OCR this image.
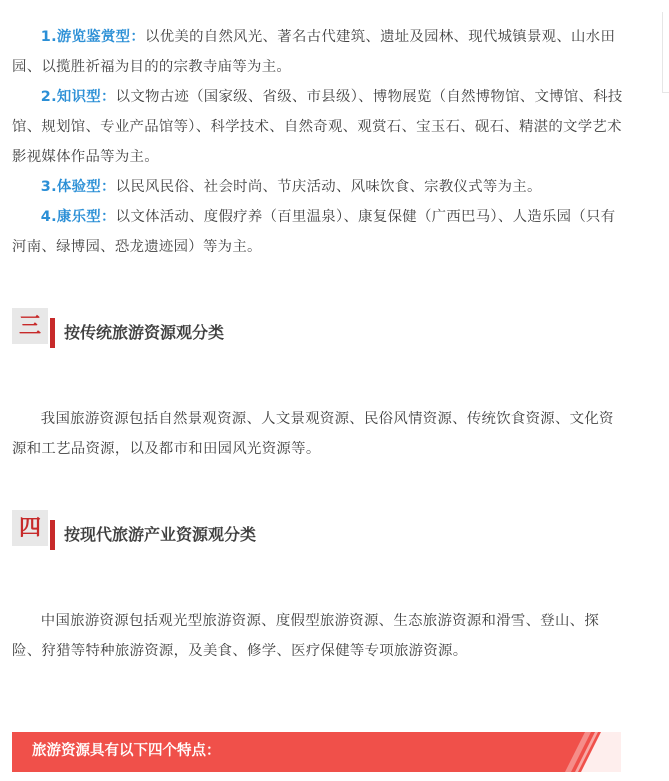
1.游览鉴赏型：以优美的自然风光、著名古代建筑、遗址及园林、现代城镇景观、山水田园、以揽胜祈福为目的的宗教寺庙等为主。

2.知识型：以文物古迹（国家级、省级、市县级）、博物展览（自然博物馆、文博馆、科技馆、规划馆、专业产品馆等）、科学技术、自然奇观、观赏石、宝玉石、砚石、精湛的文学艺术影视媒体作品等为主。

3.体验型：以民风民俗、社会时尚、节庆活动、风味饮食、宗教仪式等为主。

4.康乐型：以文体活动、度假疗养（百里温泉）、康复保健（广西巴马）、人造乐园（只有河南、绿博园、恐龙遗迹园）等为主。

三	按传统旅游资源观分类

我国旅游资源包括自然景观资源、人文景观资源、民俗风情资源、传统饮食资源、文化资源和工艺品资源，以及都市和田园风光资源等。

四	按现代旅游产业资源观分类

中国旅游资源包括观光型旅游资源、度假型旅游资源、生态旅游资源和滑雪、登山、探险、狩猎等特种旅游资源，及美食、修学、医疗保健等专项旅游资源。

旅游资源具有以下四个特点：
